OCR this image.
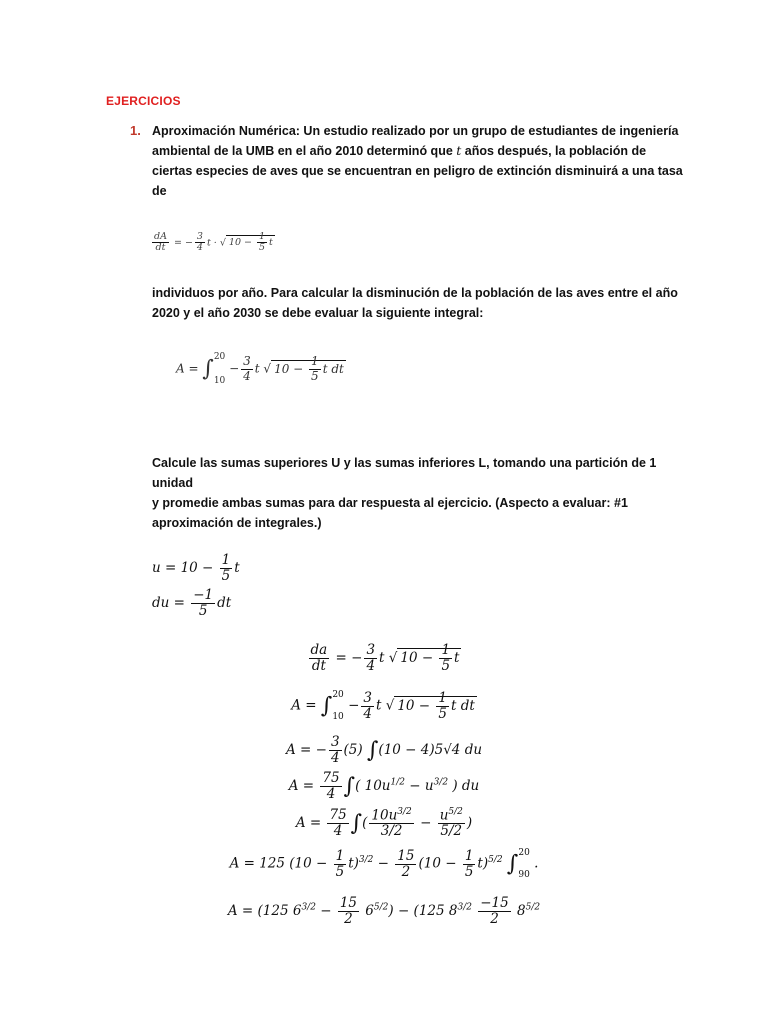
EJERCICIOS
1. Aproximación Numérica: Un estudio realizado por un grupo de estudiantes de ingeniería
ambiental de la UMB en el año 2010 determinó que t años después, la población de
ciertas especies de aves que se encuentran en peligro de extinción disminuirá a una tasa
de
$\frac{dA}{dt}$ = − $\frac{3}{4}$ t · √ $10 - \frac{1}{5}$ t
individuos por año. Para calcular la disminución de la población de las aves entre el año
2020 y el año 2030 se debe evaluar la siguiente integral:
A = ∫ 20
10
− $\frac{3}{4}$ t √ $10 - \frac{1}{5}$ t dt
Calcule las sumas superiores U y las sumas inferiores L, tomando una partición de 1 unidad
y promedie ambas sumas para dar respuesta al ejercicio. (Aspecto a evaluar: #1
aproximación de integrales.)
$u = 10 - \frac{1}{5}$ t
du = $\frac{-1}{5}$ dt
$\frac{da}{dt}$ = − $\frac{3}{4}$ t √ $10 - \frac{1}{5}$ t
A = ∫ 20
10
− $\frac{3}{4}$ t √ $10 - \frac{1}{5}$ t dt
A = − $\frac{3}{4} (5) \int(10 - 4)5√4$ du
$A = \frac{75}{4}$ ∫( $10u^{1/2} - u^{3/2}$ ) du
$A = \frac{75}{4}$ ∫( $\frac{10u^{3/2}}{3/2} - \frac{u^{5/2}}{5/2}$ )
A = 125 $(10 - \frac{1}{5} t)^{3/2} - \frac{15}{2} (10 - \frac{1}{5} t)^{5/2}$ ∫ 20
90
.
A = (125 $6^{3/2} - \frac{15}{2} 6^{5/2}) - (125$ $8^{3/2} \frac{-15}{2} 8^{5/2}$
